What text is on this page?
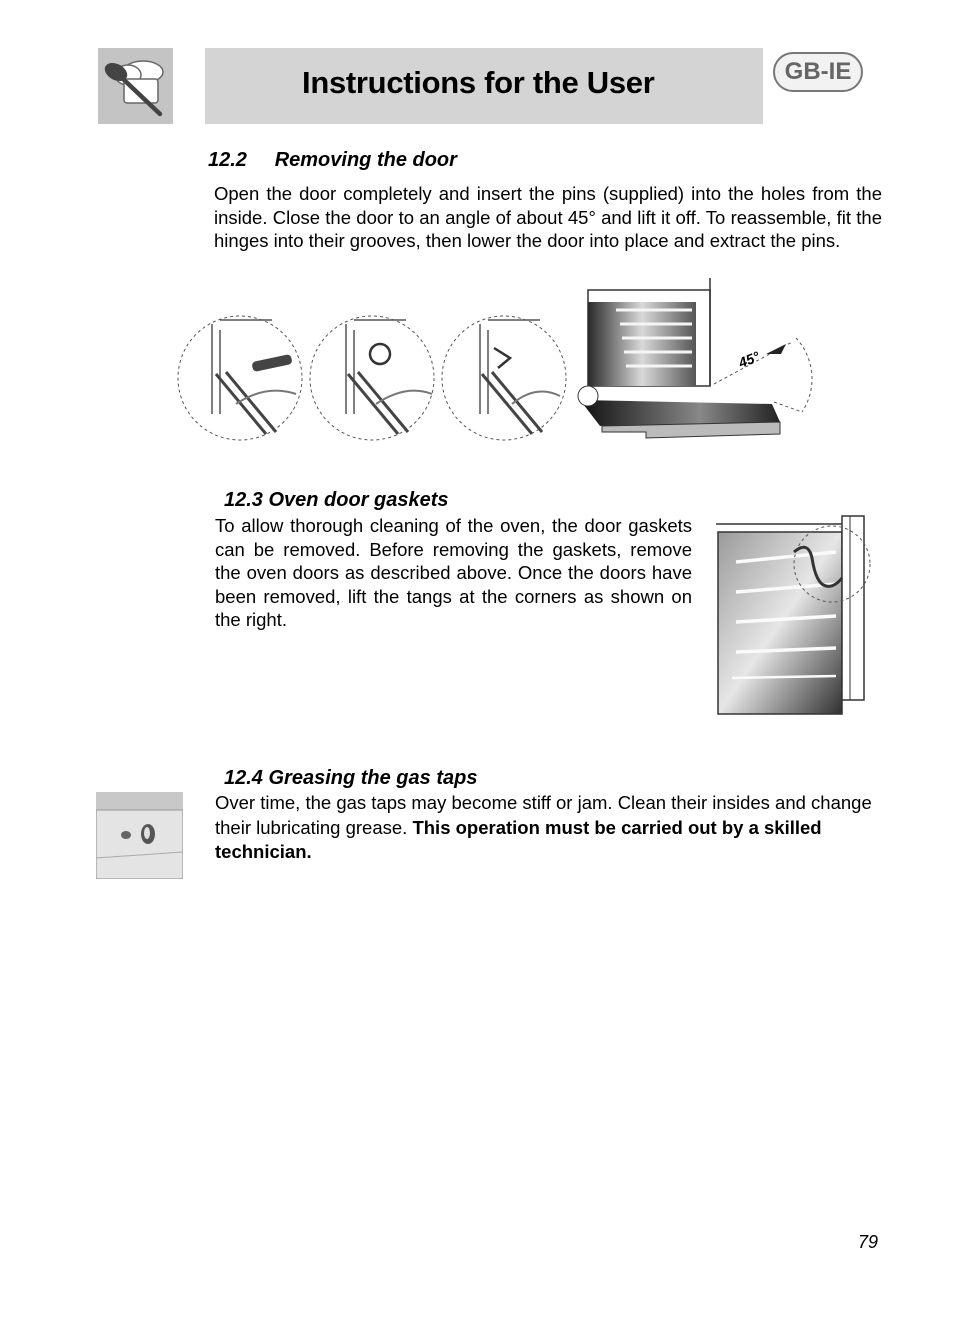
Instructions for the User	GB-IE
12.2     Removing the door

Open the door completely and insert the pins (supplied) into the holes from the inside. Close the door to an angle of about 45° and lift it off. To reassemble, fit the hinges into their grooves, then lower the door into place and extract the pins.

45°
12.3 Oven door gaskets

To allow thorough cleaning of the oven, the door gaskets can be removed. Before removing the gaskets, remove the oven doors as described above. Once the doors have been removed, lift the tangs at the corners as shown on the right.

12.4 Greasing the gas taps

Over time, the gas taps may become stiff or jam. Clean their insides and change their lubricating grease. This operation must be carried out by a skilled technician.

79
